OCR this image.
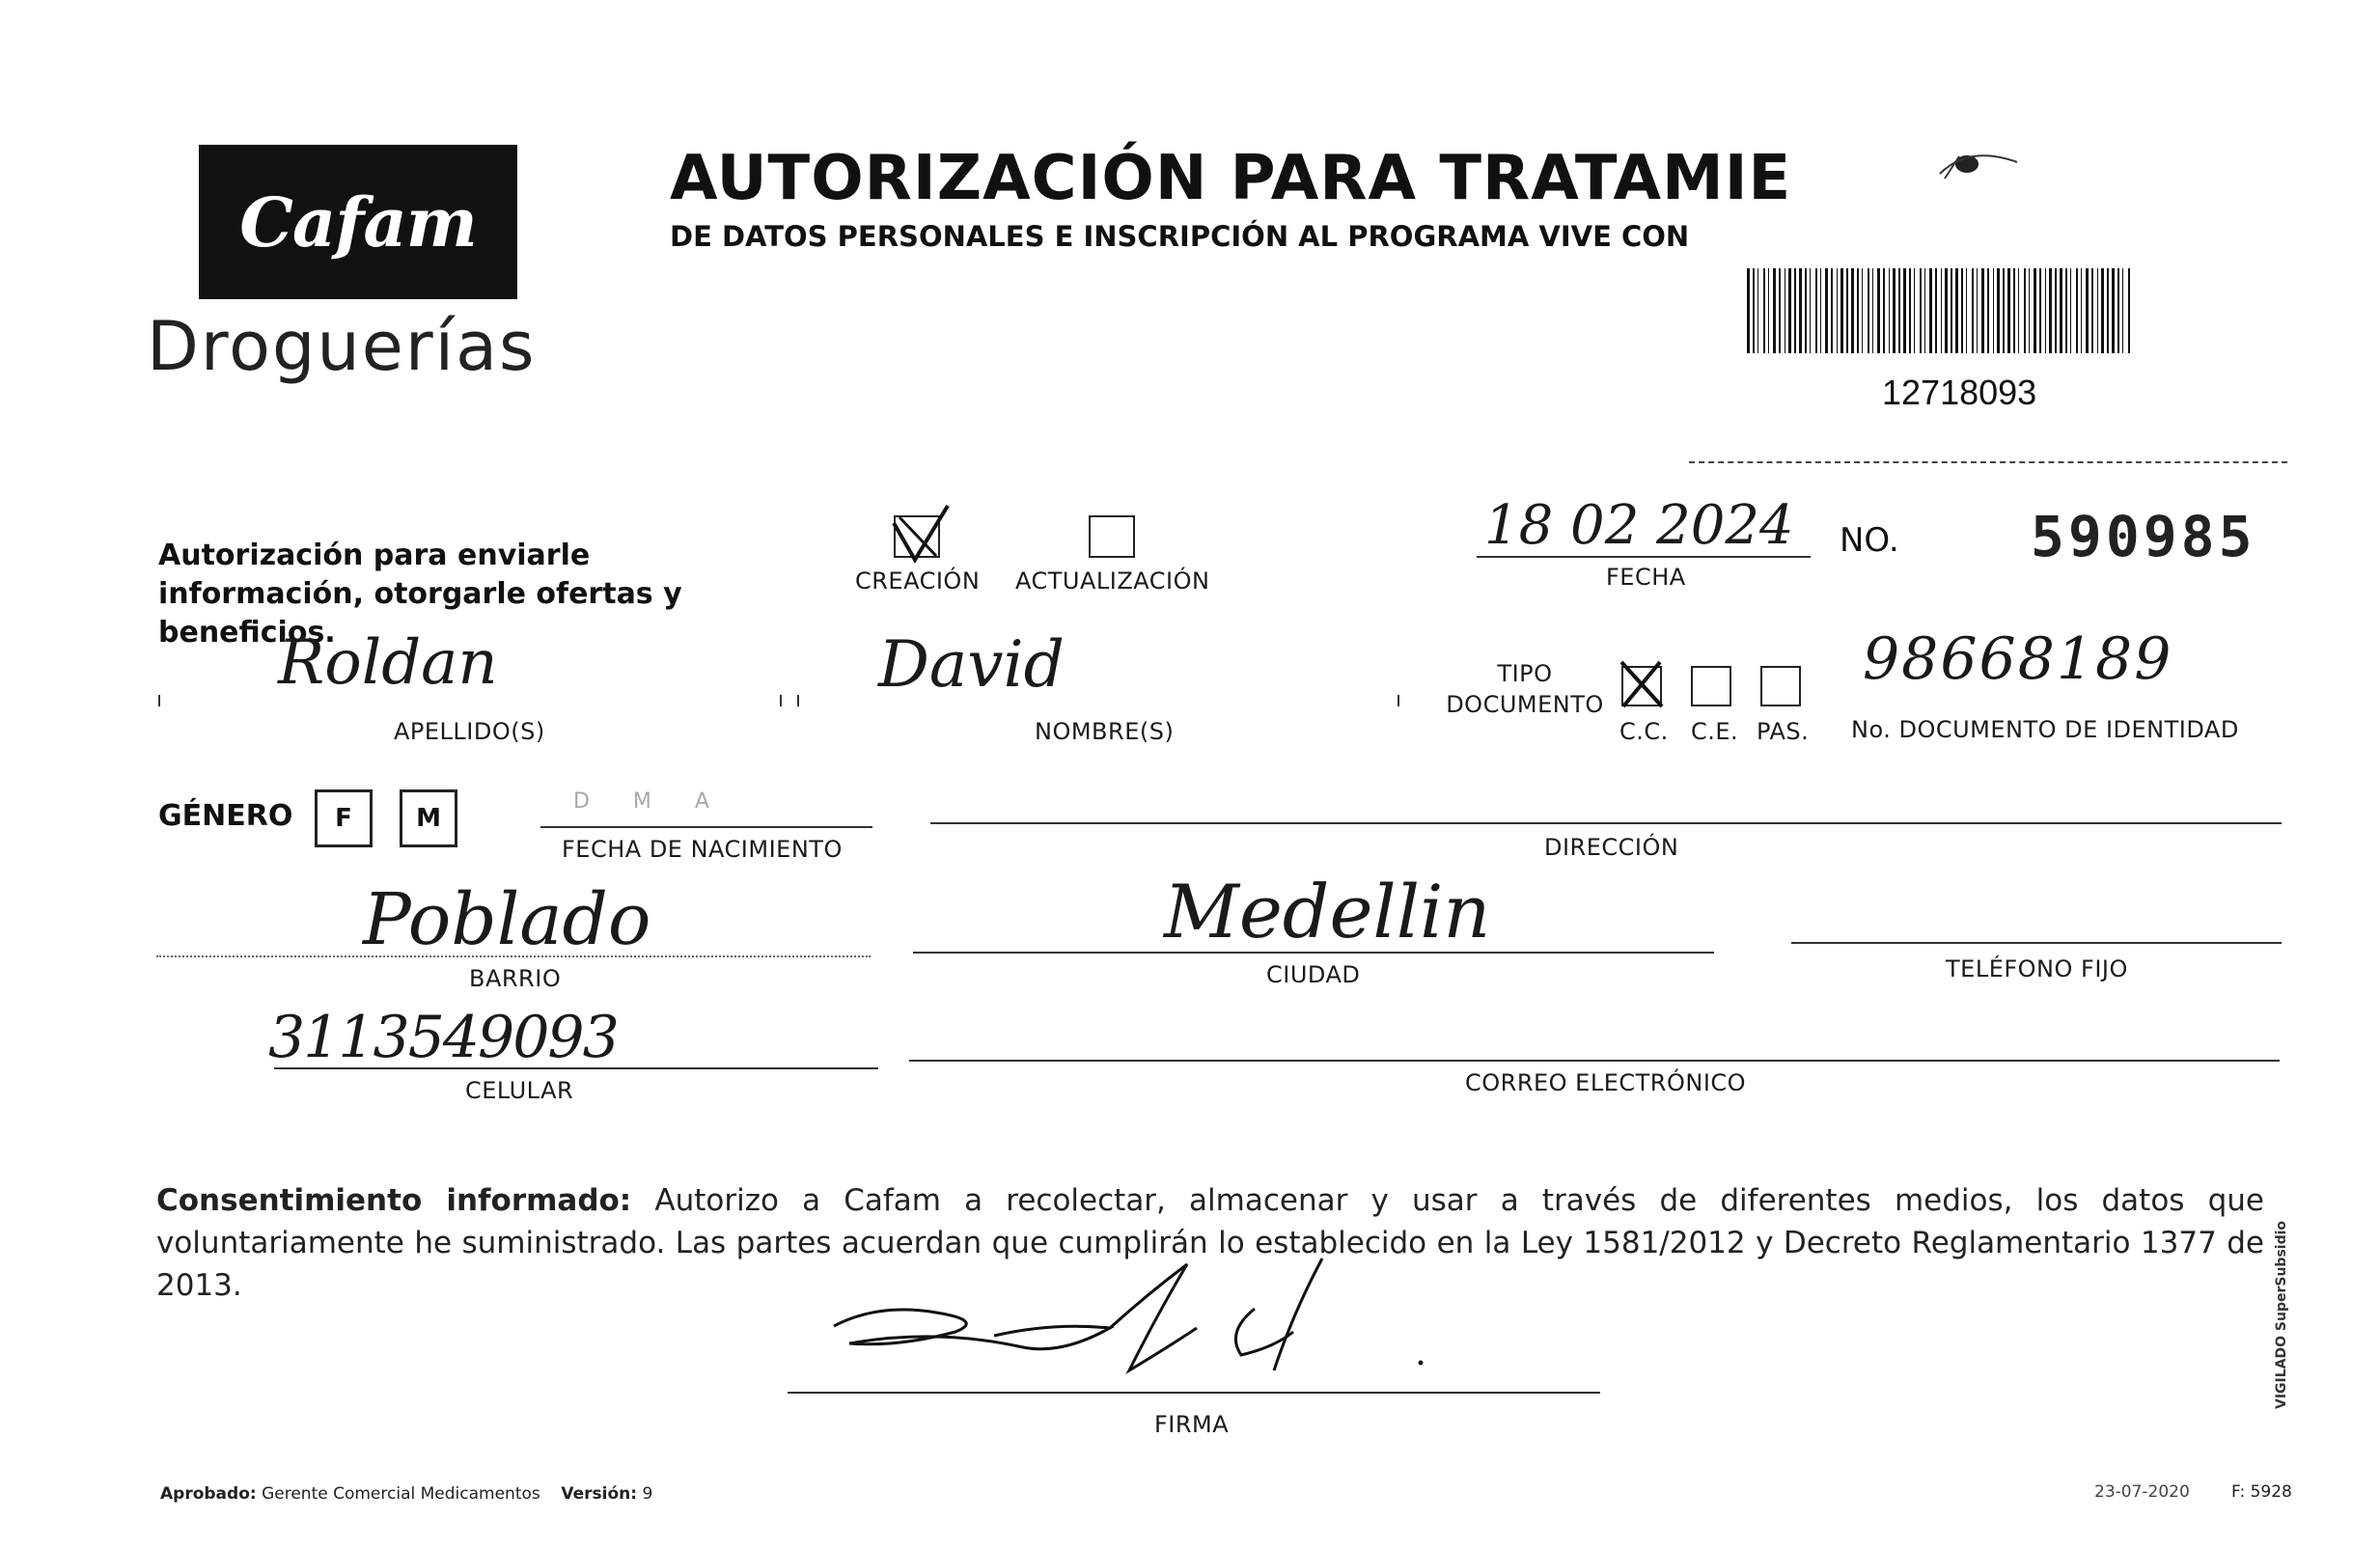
Cafam
Droguerías
AUTORIZACIÓN PARA TRATAMIE
DE DATOS PERSONALES E INSCRIPCIÓN AL PROGRAMA VIVE CON
12718093
Autorización para enviarle información, otorgarle ofertas y beneficios.
CREACIÓN ACTUALIZACIÓN
18 02 2024
FECHA
NO. 590985
Roldan
APELLIDO(S)
David
NOMBRE(S)
TIPO
DOCUMENTO
C.C. C.E. PAS.
98668189
No. DOCUMENTO DE IDENTIDAD
GÉNERO	F	M
D   M   A
FECHA DE NACIMIENTO	DIRECCIÓN
Poblado
BARRIO
Medellin
CIUDAD	TELÉFONO FIJO
3113549093
CELULAR	CORREO ELECTRÓNICO
Consentimiento informado: Autorizo a Cafam a recolectar, almacenar y usar a través de diferentes medios, los datos que voluntariamente he suministrado. Las partes acuerdan que cumplirán lo establecido en la Ley 1581/2012 y Decreto Reglamentario 1377 de 2013.
FIRMA
Aprobado: Gerente Comercial Medicamentos Versión: 9	23-07-2020	F: 5928
VIGILADO SuperSubsidio
